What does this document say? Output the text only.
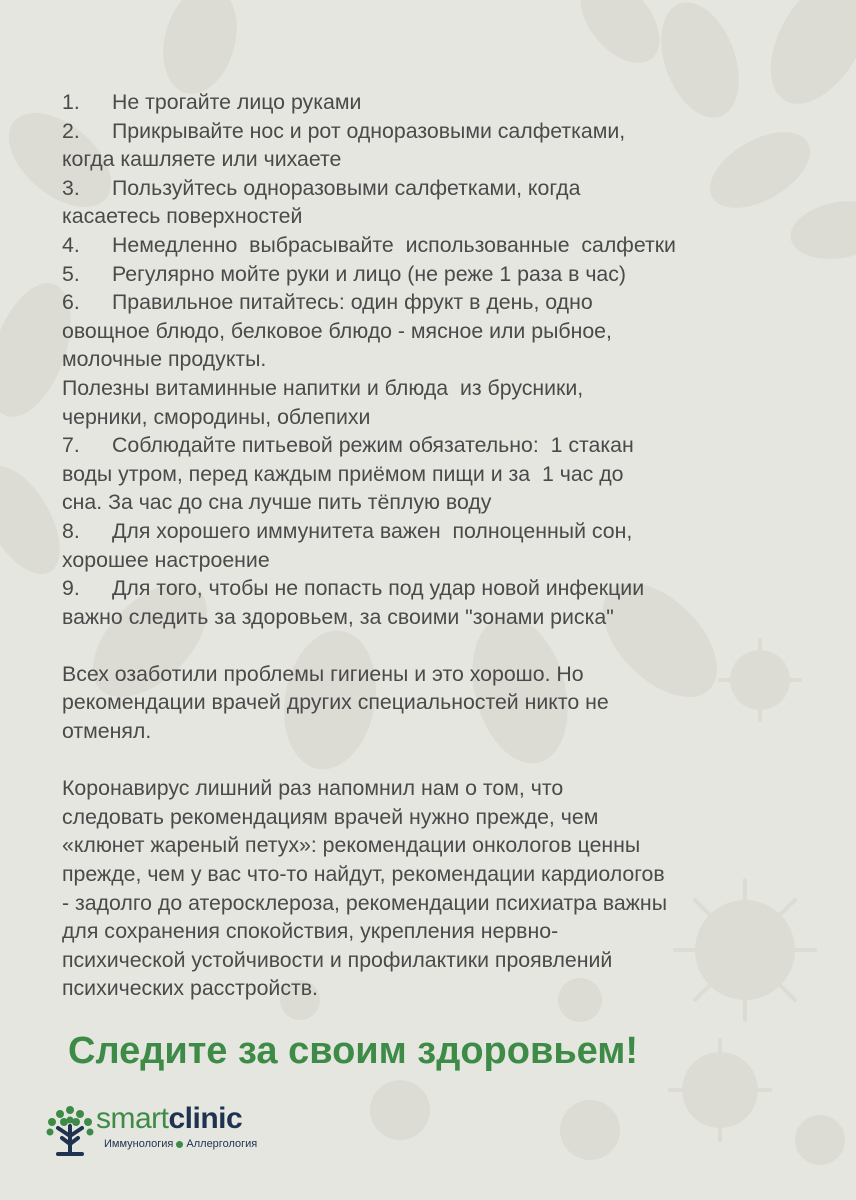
1. Не трогайте лицо руками
2. Прикрывайте нос и рот одноразовыми салфетками,
когда кашляете или чихаете
3. Пользуйтесь одноразовыми салфетками, когда
касаетесь поверхностей
4. Немедленно  выбрасывайте  использованные  салфетки
5. Регулярно мойте руки и лицо (не реже 1 раза в час)
6. Правильное питайтесь: один фрукт в день, одно
овощное блюдо, белковое блюдо - мясное или рыбное,
молочные продукты.
Полезны витаминные напитки и блюда  из брусники,
черники, смородины, облепихи
7. Соблюдайте питьевой режим обязательно:  1 стакан
воды утром, перед каждым приёмом пищи и за  1 час до
сна. За час до сна лучше пить тёплую воду
8. Для хорошего иммунитета важен  полноценный сон,
хорошее настроение
9. Для того, чтобы не попасть под удар новой инфекции
важно следить за здоровьем, за своими "зонами риска"
Всех озаботили проблемы гигиены и это хорошо. Но
рекомендации врачей других специальностей никто не
отменял.
Коронавирус лишний раз напомнил нам о том, что
следовать рекомендациям врачей нужно прежде, чем
«клюнет жареный петух»: рекомендации онкологов ценны
прежде, чем у вас что-то найдут, рекомендации кардиологов
- задолго до атеросклероза, рекомендации психиатра важны
для сохранения спокойствия, укрепления нервно-
психической устойчивости и профилактики проявлений
психических расстройств.
Следите за своим здоровьем!
smartclinic
Иммунология Аллергология
